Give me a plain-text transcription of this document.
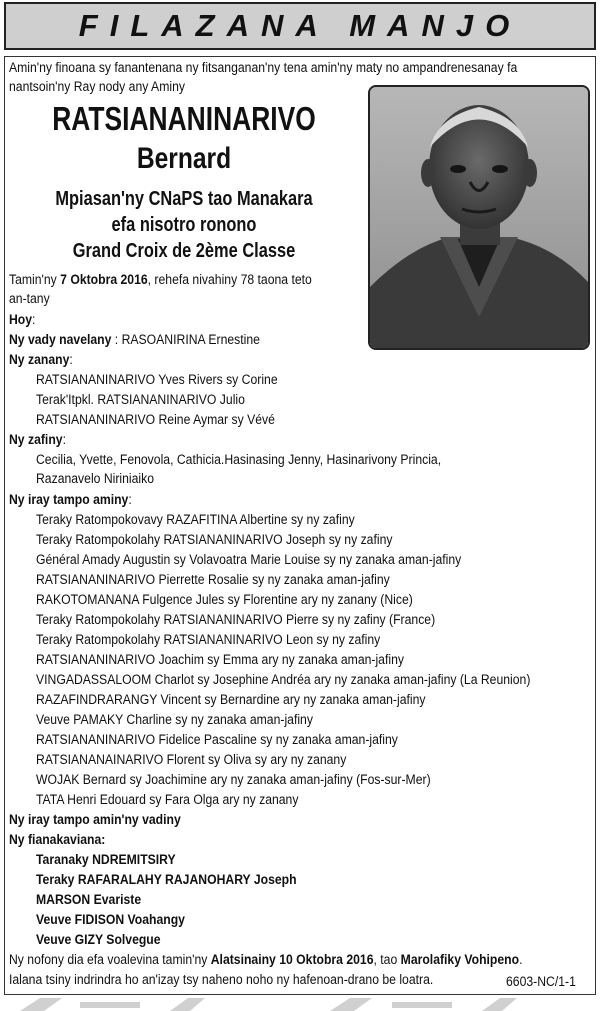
FILAZANA MANJO
Amin'ny finoana sy fanantenana ny fitsanganan'ny tena amin'ny maty no ampandrenesanay fa
nantsoin'ny Ray nody any Aminy
RATSIANANINARIVO
Bernard
Mpiasan'ny CNaPS tao Manakara
efa nisotro ronono
Grand Croix de 2ème Classe
Tamin'ny 7 Oktobra 2016, rehefa nivahiny 78 taona teto
an-tany
Hoy:
Ny vady navelany : RASOANIRINA Ernestine
Ny zanany:
RATSIANANINARIVO Yves Rivers sy Corine
Terak'Itpkl. RATSIANANINARIVO Julio
RATSIANANINARIVO Reine Aymar sy Vévé
Ny zafiny:
Cecilia, Yvette, Fenovola, Cathicia.Hasinasing Jenny, Hasinarivony Princia,
Razanavelo Niriniaiko
Ny iray tampo aminy:
Teraky Ratompokovavy RAZAFITINA Albertine sy ny zafiny
Teraky Ratompokolahy RATSIANANINARIVO Joseph sy ny zafiny
Général Amady Augustin sy Volavoatra Marie Louise sy ny zanaka aman-jafiny
RATSIANANINARIVO Pierrette Rosalie sy ny zanaka aman-jafiny
RAKOTOMANANA Fulgence Jules sy Florentine ary ny zanany (Nice)
Teraky Ratompokolahy RATSIANANINARIVO Pierre sy ny zafiny (France)
Teraky Ratompokolahy RATSIANANINARIVO Leon sy ny zafiny
RATSIANANINARIVO Joachim sy Emma ary ny zanaka aman-jafiny
VINGADASSALOOM Charlot sy Josephine Andréa ary ny zanaka aman-jafiny (La Reunion)
RAZAFINDRARANGY Vincent sy Bernardine ary ny zanaka aman-jafiny
Veuve PAMAKY Charline sy ny zanaka aman-jafiny
RATSIANANINARIVO Fidelice Pascaline sy ny zanaka aman-jafiny
RATSIANANAINARIVO Florent sy Oliva sy ary ny zanany
WOJAK Bernard sy Joachimine ary ny zanaka aman-jafiny (Fos-sur-Mer)
TATA Henri Edouard sy Fara Olga ary ny zanany
Ny iray tampo amin'ny vadiny
Ny fianakaviana:
Taranaky NDREMITSIRY
Teraky RAFARALAHY RAJANOHARY Joseph
MARSON Evariste
Veuve FIDISON Voahangy
Veuve GIZY Solvegue
Ny nofony dia efa voalevina tamin'ny Alatsinainy 10 Oktobra 2016, tao Marolafiky Vohipeno.
Ialana tsiny indrindra ho an'izay tsy naheno noho ny hafenoan-drano be loatra.	6603-NC/1-1
